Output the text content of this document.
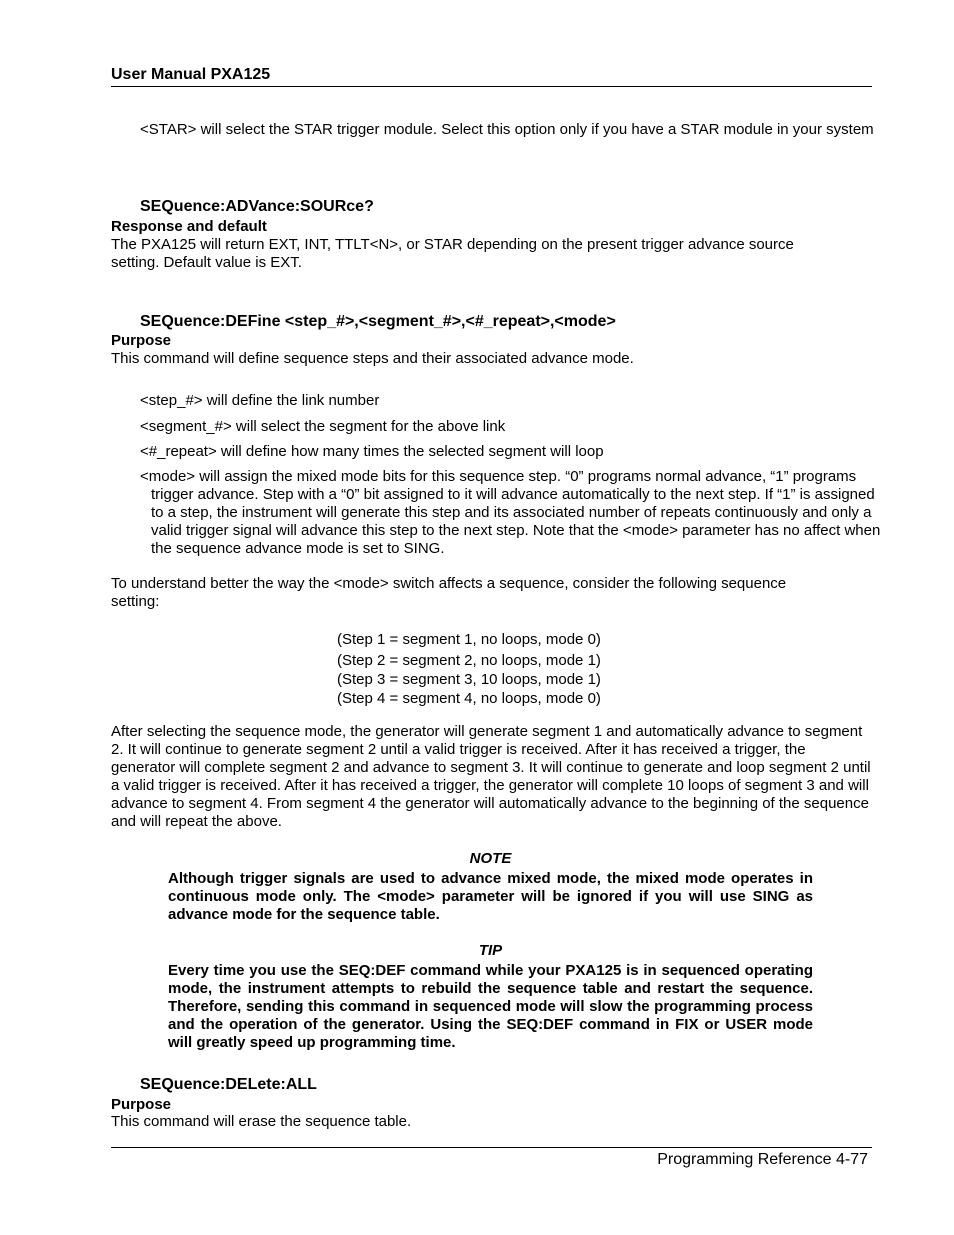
User Manual PXA125
<STAR> will select the STAR trigger module. Select this option only if you have a STAR module in your system
SEQuence:ADVance:SOURce?
Response and default
The PXA125 will return EXT, INT, TTLT<N>, or STAR depending on the present trigger advance source setting. Default value is EXT.
SEQuence:DEFine <step_#>,<segment_#>,<#_repeat>,<mode>
Purpose
This command will define sequence steps and their associated advance mode.
<step_#> will define the link number
<segment_#> will select the segment for the above link
<#_repeat> will define how many times the selected segment will loop
<mode> will assign the mixed mode bits for this sequence step. “0” programs normal advance, “1” programs trigger advance. Step with a “0” bit assigned to it will advance automatically to the next step. If “1” is assigned to a step, the instrument will generate this step and its associated number of repeats continuously and only a valid trigger signal will advance this step to the next step. Note that the <mode> parameter has no affect when the sequence advance mode is set to SING.
To understand better the way the <mode> switch affects a sequence, consider the following sequence setting:
(Step 1 = segment 1, no loops, mode 0)
(Step 2 = segment 2, no loops, mode 1)
(Step 3 = segment 3, 10 loops, mode 1)
(Step 4 = segment 4, no loops, mode 0)
After selecting the sequence mode, the generator will generate segment 1 and automatically advance to segment 2. It will continue to generate segment 2 until a valid trigger is received. After it has received a trigger, the generator will complete segment 2 and advance to segment 3. It will continue to generate and loop segment 2 until a valid trigger is received. After it has received a trigger, the generator will complete 10 loops of segment 3 and will advance to segment 4. From segment 4 the generator will automatically advance to the beginning of the sequence and will repeat the above.
NOTE
Although trigger signals are used to advance mixed mode, the mixed mode operates in continuous mode only. The <mode> parameter will be ignored if you will use SING as advance mode for the sequence table.
TIP
Every time you use the SEQ:DEF command while your PXA125 is in sequenced operating mode, the instrument attempts to rebuild the sequence table and restart the sequence. Therefore, sending this command in sequenced mode will slow the programming process and the operation of the generator. Using the SEQ:DEF command in FIX or USER mode will greatly speed up programming time.
SEQuence:DELete:ALL
Purpose
This command will erase the sequence table.
Programming Reference 4-77
